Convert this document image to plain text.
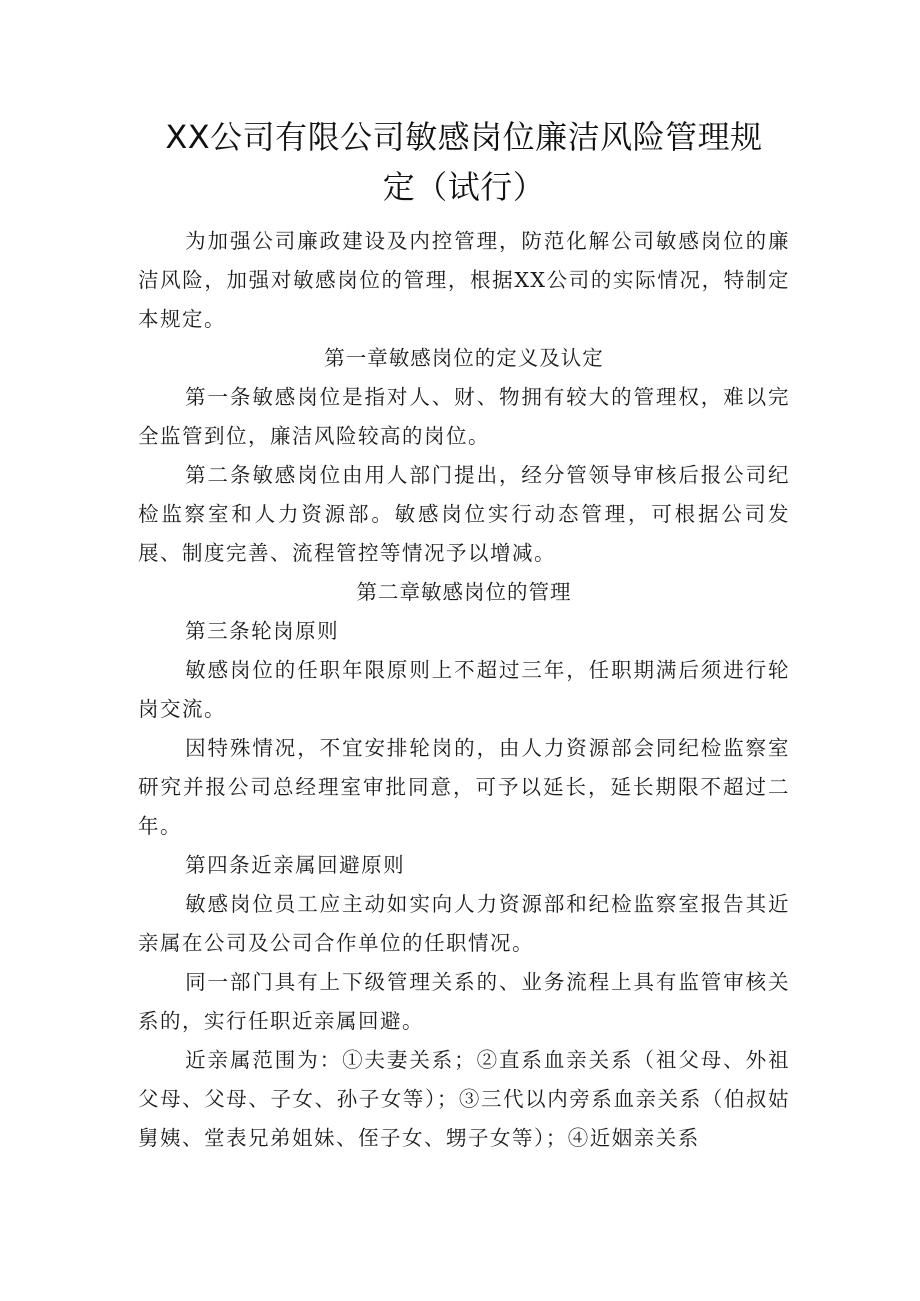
XX公司有限公司敏感岗位廉洁风险管理规
定（试行）

为加强公司廉政建设及内控管理，防范化解公司敏感岗位的廉洁风险，加强对敏感岗位的管理，根据XX公司的实际情况，特制定本规定。

第一章敏感岗位的定义及认定

第一条敏感岗位是指对人、财、物拥有较大的管理权，难以完全监管到位，廉洁风险较高的岗位。

第二条敏感岗位由用人部门提出，经分管领导审核后报公司纪检监察室和人力资源部。敏感岗位实行动态管理，可根据公司发展、制度完善、流程管控等情况予以增减。

第二章敏感岗位的管理

第三条轮岗原则

敏感岗位的任职年限原则上不超过三年，任职期满后须进行轮岗交流。

因特殊情况，不宜安排轮岗的，由人力资源部会同纪检监察室研究并报公司总经理室审批同意，可予以延长，延长期限不超过二年。

第四条近亲属回避原则

敏感岗位员工应主动如实向人力资源部和纪检监察室报告其近亲属在公司及公司合作单位的任职情况。

同一部门具有上下级管理关系的、业务流程上具有监管审核关系的，实行任职近亲属回避。

近亲属范围为：①夫妻关系；②直系血亲关系（祖父母、外祖父母、父母、子女、孙子女等）；③三代以内旁系血亲关系（伯叔姑舅姨、堂表兄弟姐妹、侄子女、甥子女等）；④近姻亲关系
